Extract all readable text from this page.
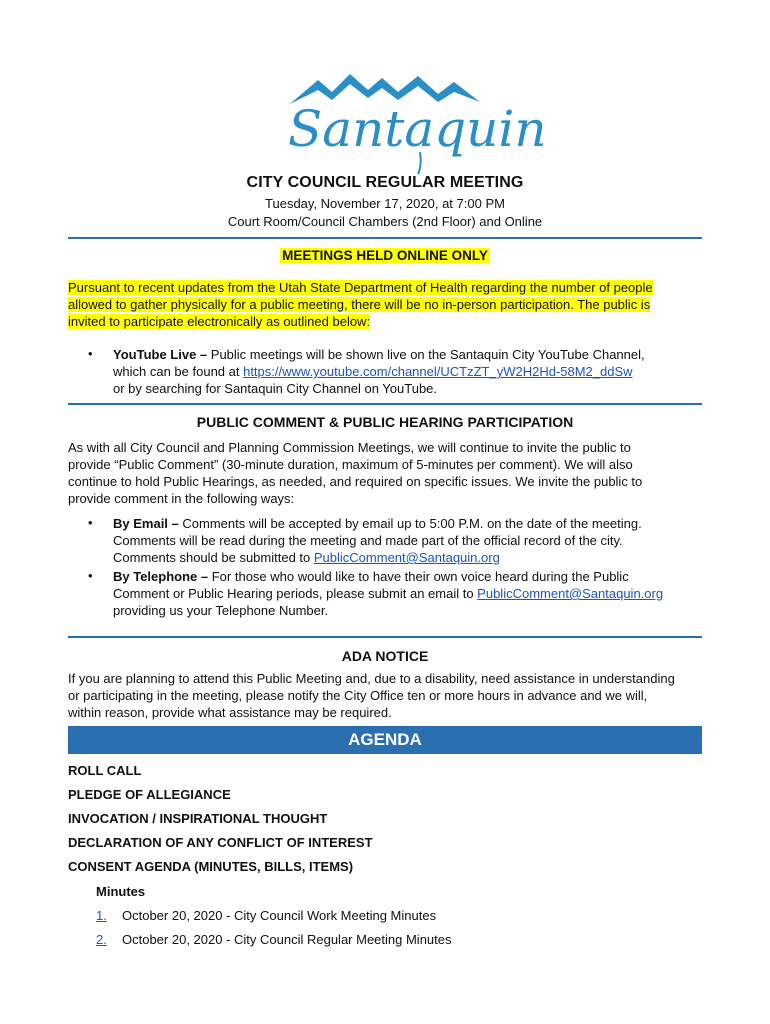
Santaquin
CITY COUNCIL REGULAR MEETING
Tuesday, November 17, 2020, at 7:00 PM
Court Room/Council Chambers (2nd Floor) and Online
MEETINGS HELD ONLINE ONLY
Pursuant to recent updates from the Utah State Department of Health regarding the number of people
allowed to gather physically for a public meeting, there will be no in-person participation. The public is
invited to participate electronically as outlined below:
• YouTube Live – Public meetings will be shown live on the Santaquin City YouTube Channel,
which can be found at https://www.youtube.com/channel/UCTzZT_yW2H2Hd-58M2_ddSw
or by searching for Santaquin City Channel on YouTube.
PUBLIC COMMENT & PUBLIC HEARING PARTICIPATION
As with all City Council and Planning Commission Meetings, we will continue to invite the public to
provide “Public Comment” (30-minute duration, maximum of 5-minutes per comment). We will also
continue to hold Public Hearings, as needed, and required on specific issues. We invite the public to
provide comment in the following ways:
• By Email – Comments will be accepted by email up to 5:00 P.M. on the date of the meeting.
Comments will be read during the meeting and made part of the official record of the city.
Comments should be submitted to PublicComment@Santaquin.org
• By Telephone – For those who would like to have their own voice heard during the Public
Comment or Public Hearing periods, please submit an email to PublicComment@Santaquin.org
providing us your Telephone Number.
ADA NOTICE
If you are planning to attend this Public Meeting and, due to a disability, need assistance in understanding
or participating in the meeting, please notify the City Office ten or more hours in advance and we will,
within reason, provide what assistance may be required.
AGENDA
ROLL CALL
PLEDGE OF ALLEGIANCE
INVOCATION / INSPIRATIONAL THOUGHT
DECLARATION OF ANY CONFLICT OF INTEREST
CONSENT AGENDA (MINUTES, BILLS, ITEMS)
Minutes
1. October 20, 2020 - City Council Work Meeting Minutes
2. October 20, 2020 - City Council Regular Meeting Minutes
